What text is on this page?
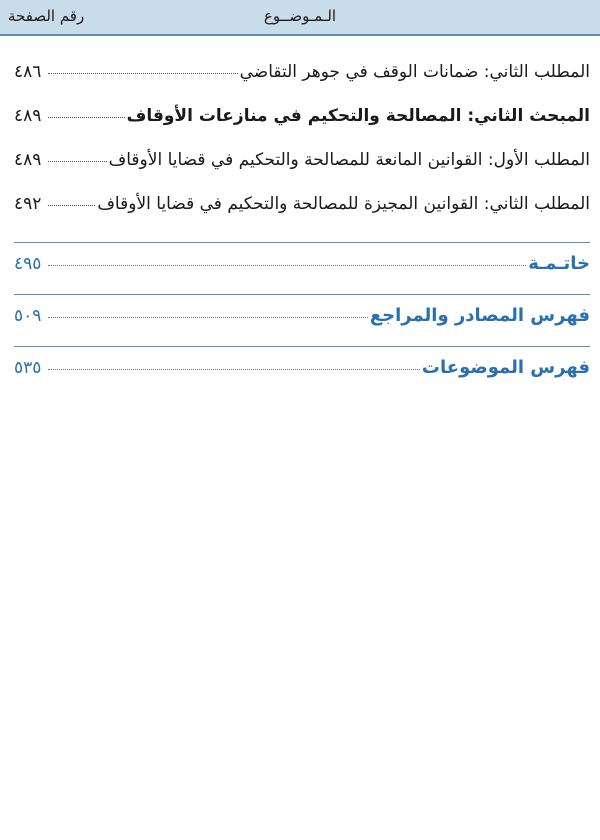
الـمـوضــوع
رقم الصفحة
المطلب الثاني: ضمانات الوقف في جوهر التقاضي
٤٨٦
المبحث الثاني: المصالحة والتحكيم في منازعات الأوقاف
٤٨٩
المطلب الأول: القوانين المانعة للمصالحة والتحكيم في قضايا الأوقاف
٤٨٩
المطلب الثاني: القوانين المجيزة للمصالحة والتحكيم في قضايا الأوقاف
٤٩٢
خاتـمـة
٤٩٥
فهرس المصادر والمراجع
٥٠٩
فهرس الموضوعات
٥٣٥
